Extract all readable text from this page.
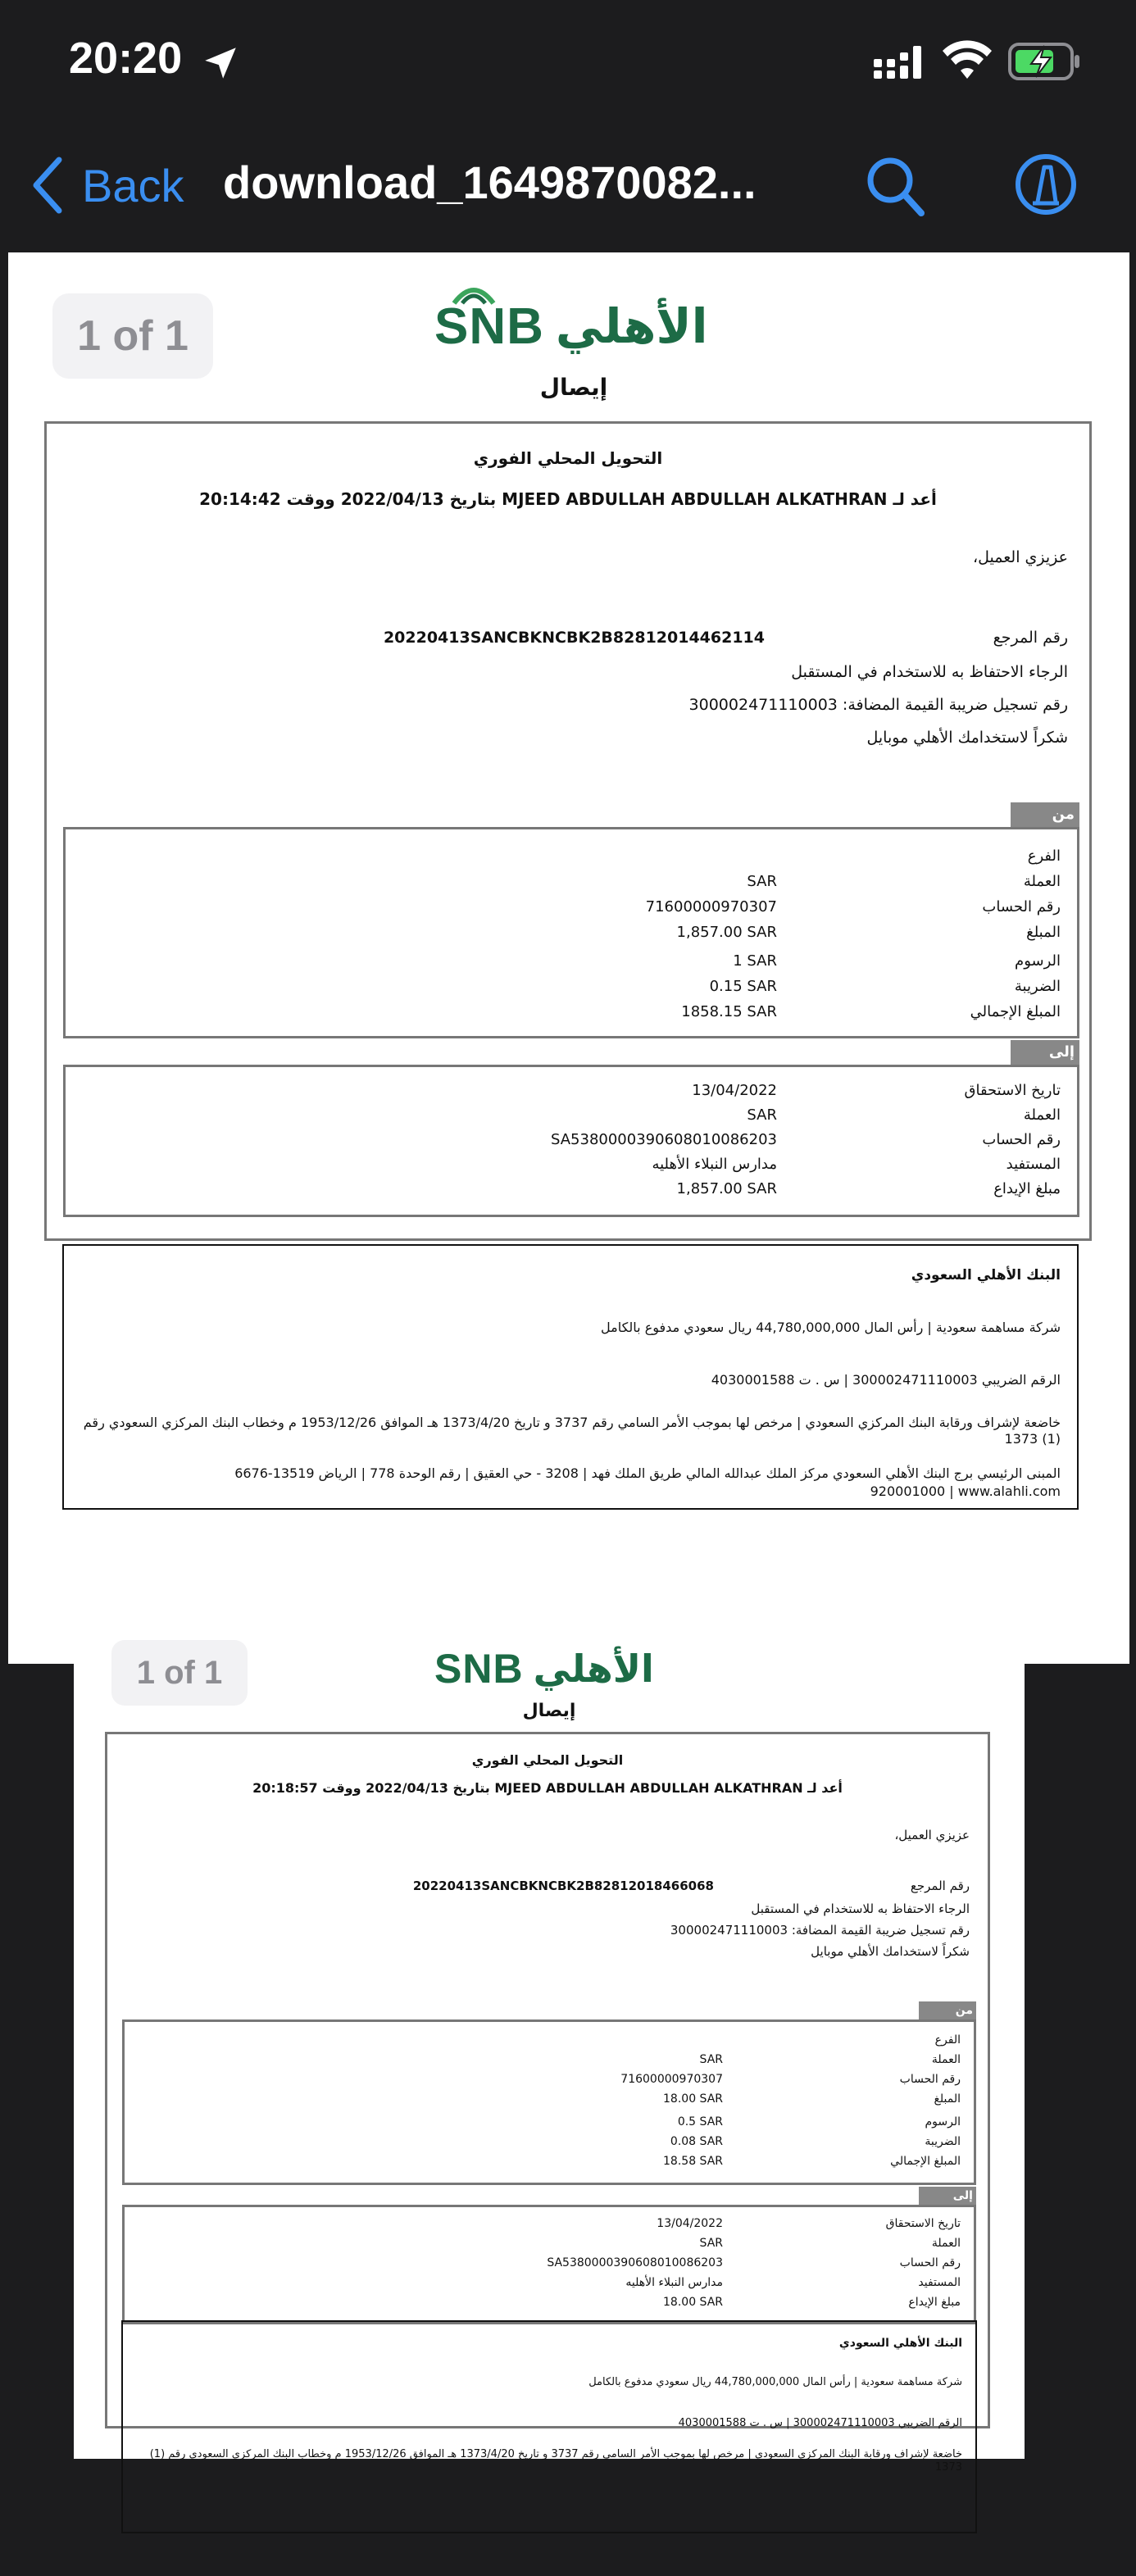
20:20
Back download_1649870082...
1 of 1	SNB الأهلي
إيصال
التحويل المحلي الفوري
أعد لـ MJEED ABDULLAH ABDULLAH ALKATHRAN بتاريخ 2022/04/13 ووقت 20:14:42
عزيزي العميل،
رقم المرجع
20220413SANCBKNCBK2B82812014462114
الرجاء الاحتفاظ به للاستخدام في المستقبل
رقم تسجيل ضريبة القيمة المضافة: 300002471110003
شكراً لاستخدامك الأهلي موبايل
من
الفرع
العملة
SAR
رقم الحساب
71600000970307
المبلغ
1,857.00 SAR
الرسوم
1 SAR
الضريبة
0.15 SAR
المبلغ الإجمالي
1858.15 SAR
إلى
تاريخ الاستحقاق
13/04/2022
العملة
SAR
رقم الحساب
SA5380000390608010086203
المستفيد
مدارس النبلاء الأهليه
مبلغ الإيداع
1,857.00 SAR
البنك الأهلي السعودي
شركة مساهمة سعودية | رأس المال 44,780,000,000 ريال سعودي مدفوع بالكامل
الرقم الضريبي 300002471110003 | س . ت 4030001588
خاضعة لإشراف ورقابة البنك المركزي السعودي | مرخص لها بموجب الأمر السامي رقم 3737 و تاريخ 1373/4/20 هـ الموافق 1953/12/26 م وخطاب البنك المركزي السعودي رقم (1) 1373
المبنى الرئيسي برج البنك الأهلي السعودي مركز الملك عبدالله المالي طريق الملك فهد | 3208 - حي العقيق | رقم الوحدة 778 | الرياض 13519-6676
920001000 | www.alahli.com
1 of 1	SNB الأهلي
إيصال
التحويل المحلي الفوري
أعد لـ MJEED ABDULLAH ABDULLAH ALKATHRAN بتاريخ 2022/04/13 ووقت 20:18:57
عزيزي العميل،
رقم المرجع
20220413SANCBKNCBK2B82812018466068
الرجاء الاحتفاظ به للاستخدام في المستقبل
رقم تسجيل ضريبة القيمة المضافة: 300002471110003
شكراً لاستخدامك الأهلي موبايل
من
الفرع
العملة
SAR
رقم الحساب
71600000970307
المبلغ
18.00 SAR
الرسوم
0.5 SAR
الضريبة
0.08 SAR
المبلغ الإجمالي
18.58 SAR
إلى
تاريخ الاستحقاق
13/04/2022
العملة
SAR
رقم الحساب
SA5380000390608010086203
المستفيد
مدارس النبلاء الأهليه
مبلغ الإيداع
18.00 SAR
البنك الأهلي السعودي
شركة مساهمة سعودية | رأس المال 44,780,000,000 ريال سعودي مدفوع بالكامل
الرقم الضريبي 300002471110003 | س . ت 4030001588
خاضعة لإشراف ورقابة البنك المركزي السعودي | مرخص لها بموجب الأمر السامي رقم 3737 و تاريخ 1373/4/20 هـ الموافق 1953/12/26 م وخطاب البنك المركزي السعودي رقم (1) 1373
